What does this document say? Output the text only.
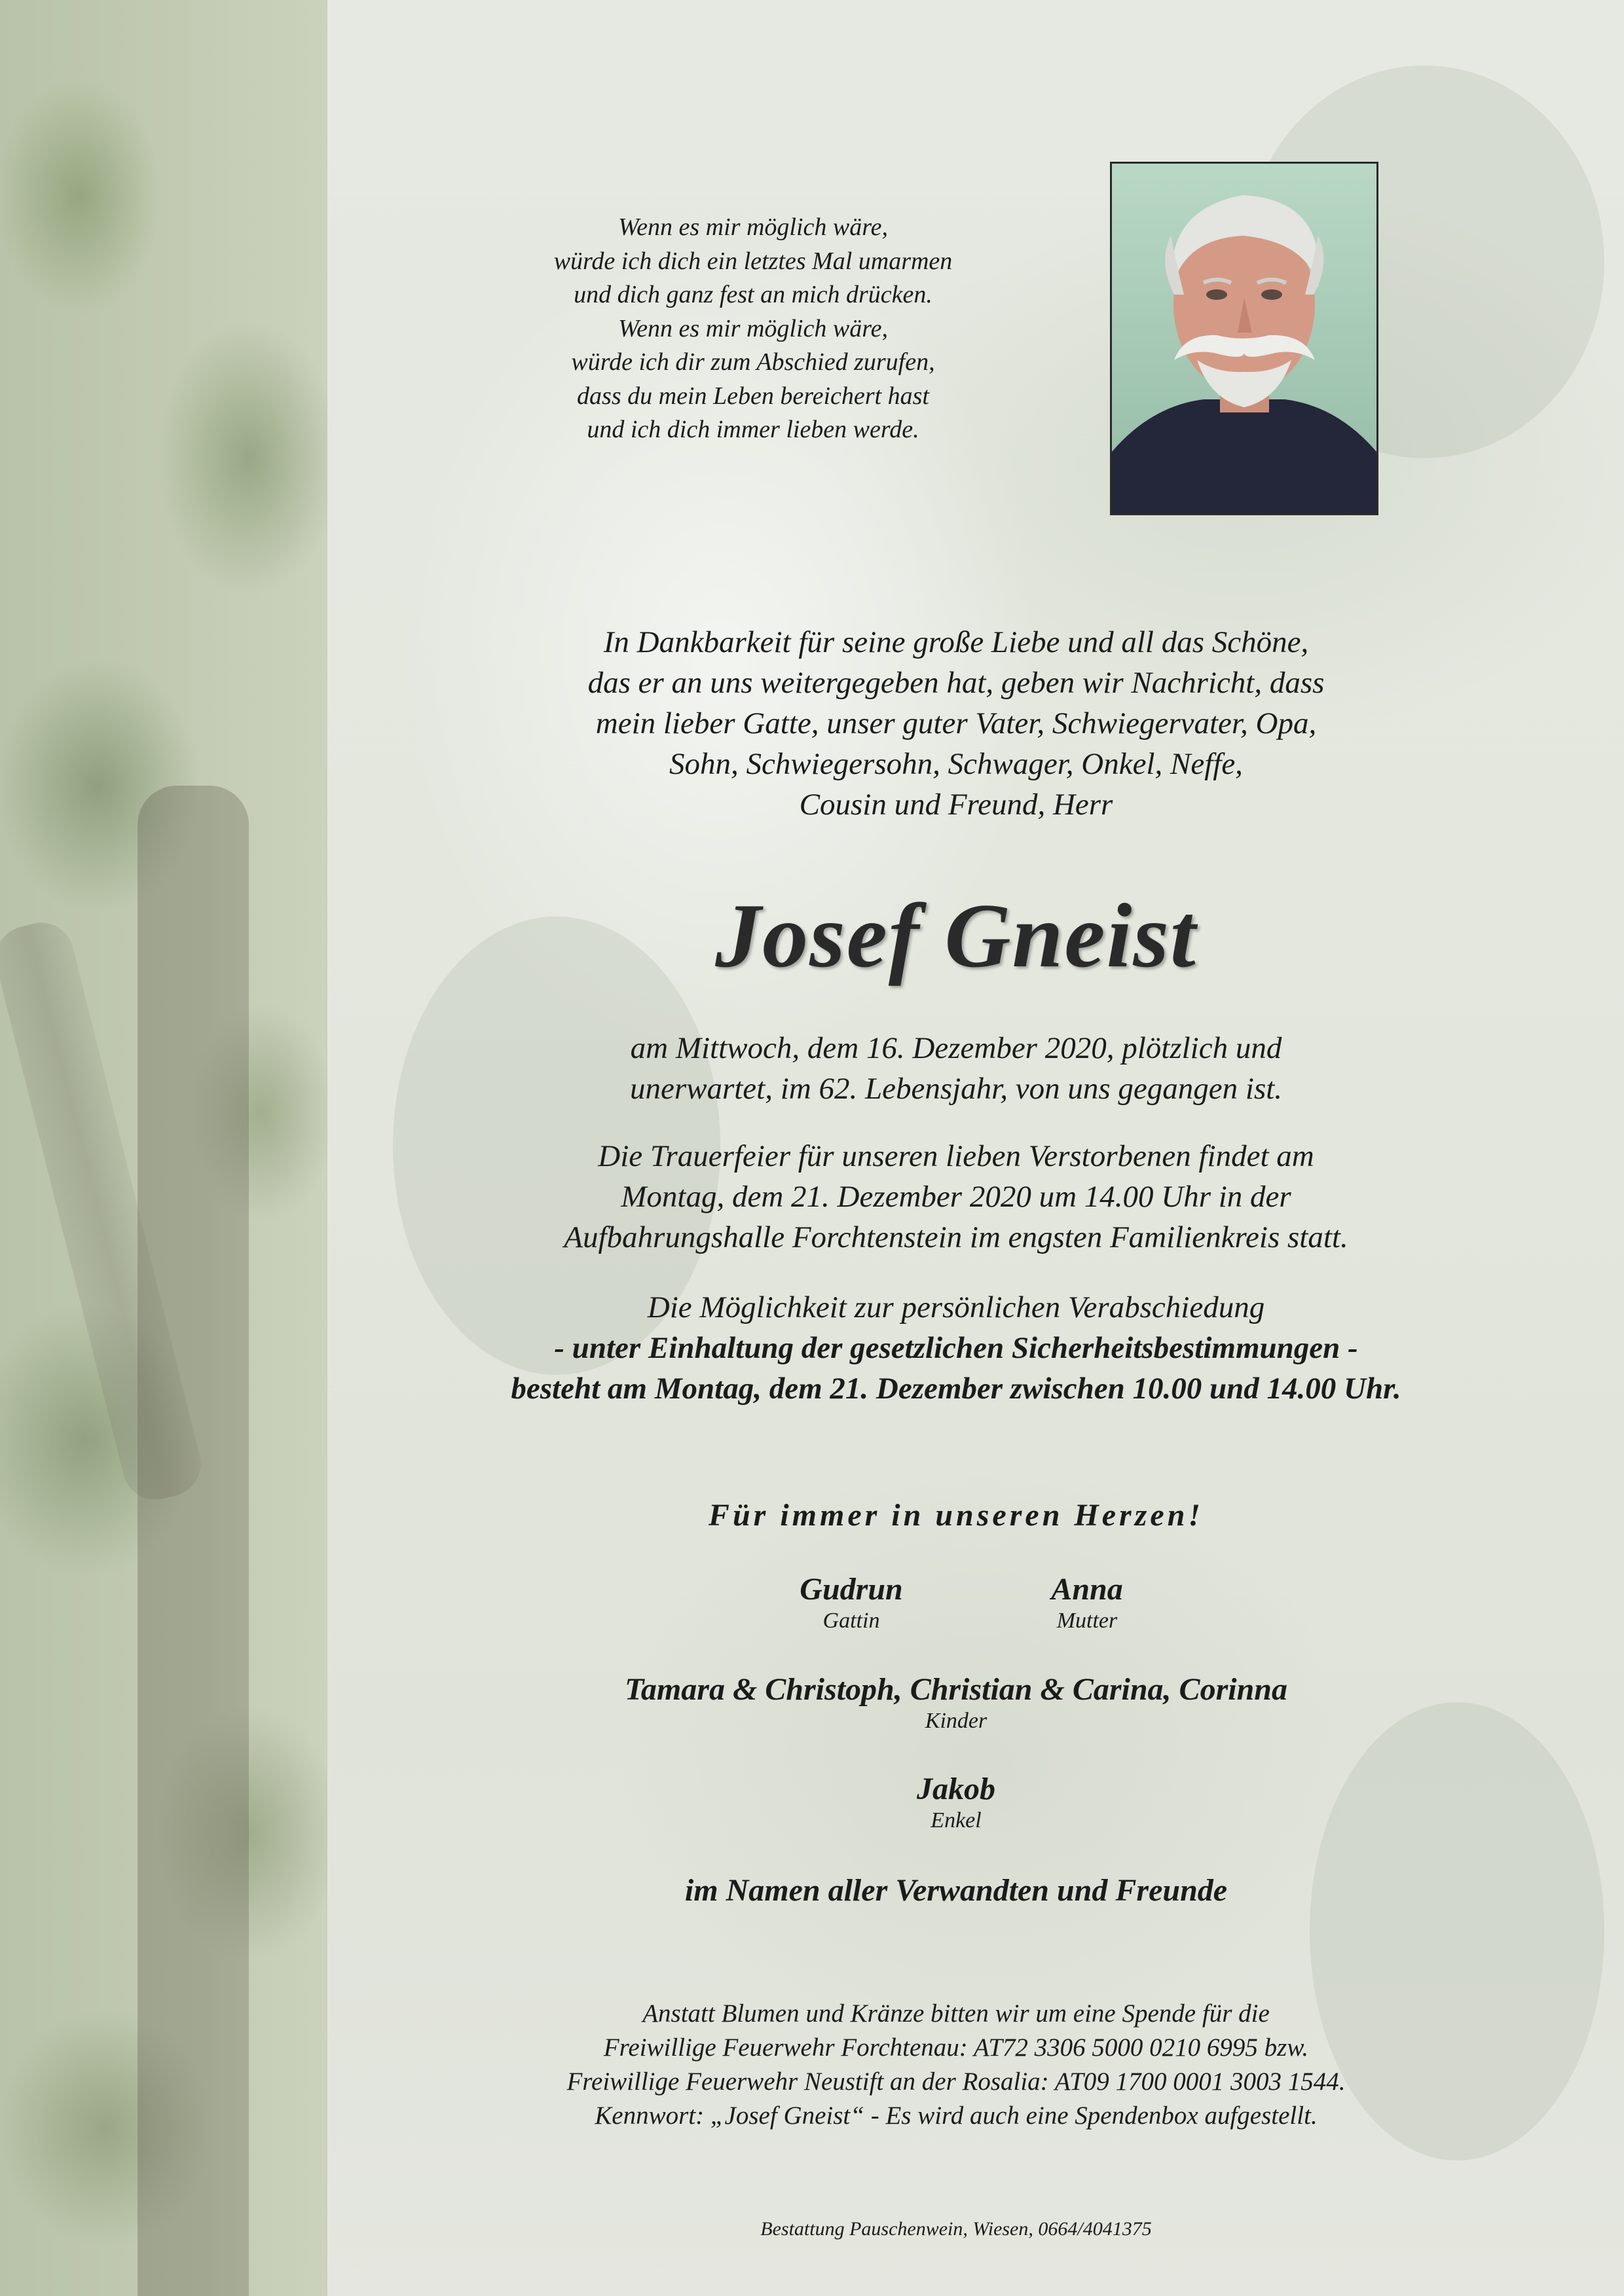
Wenn es mir möglich wäre,
würde ich dich ein letztes Mal umarmen
und dich ganz fest an mich drücken.
Wenn es mir möglich wäre,
würde ich dir zum Abschied zurufen,
dass du mein Leben bereichert hast
und ich dich immer lieben werde.
In Dankbarkeit für seine große Liebe und all das Schöne,
das er an uns weitergegeben hat, geben wir Nachricht, dass
mein lieber Gatte, unser guter Vater, Schwiegervater, Opa,
Sohn, Schwiegersohn, Schwager, Onkel, Neffe,
Cousin und Freund, Herr
Josef Gneist
am Mittwoch, dem 16. Dezember 2020, plötzlich und
unerwartet, im 62. Lebensjahr, von uns gegangen ist.
Die Trauerfeier für unseren lieben Verstorbenen findet am
Montag, dem 21. Dezember 2020 um 14.00 Uhr in der
Aufbahrungshalle Forchtenstein im engsten Familienkreis statt.
Die Möglichkeit zur persönlichen Verabschiedung
- unter Einhaltung der gesetzlichen Sicherheitsbestimmungen -
besteht am Montag, dem 21. Dezember zwischen 10.00 und 14.00 Uhr.
Für immer in unseren Herzen!
Gudrun
Gattin
Anna
Mutter
Tamara & Christoph, Christian & Carina, Corinna
Kinder
Jakob
Enkel
im Namen aller Verwandten und Freunde
Anstatt Blumen und Kränze bitten wir um eine Spende für die
Freiwillige Feuerwehr Forchtenau: AT72 3306 5000 0210 6995 bzw.
Freiwillige Feuerwehr Neustift an der Rosalia: AT09 1700 0001 3003 1544.
Kennwort: „Josef Gneist“ - Es wird auch eine Spendenbox aufgestellt.
Bestattung Pauschenwein, Wiesen, 0664/4041375
